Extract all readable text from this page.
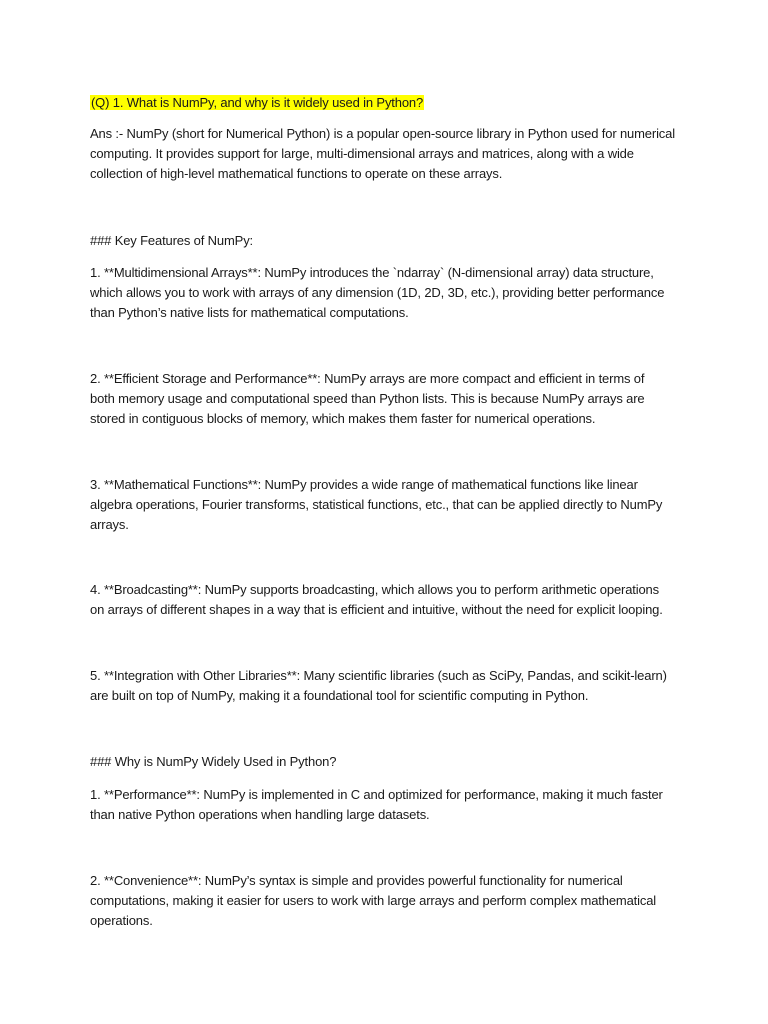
(Q) 1. What is NumPy, and why is it widely used in Python?

Ans :- NumPy (short for Numerical Python) is a popular open-source library in Python used for numerical

computing. It provides support for large, multi-dimensional arrays and matrices, along with a wide

collection of high-level mathematical functions to operate on these arrays.

### Key Features of NumPy:

1. **Multidimensional Arrays**: NumPy introduces the `ndarray` (N-dimensional array) data structure,

which allows you to work with arrays of any dimension (1D, 2D, 3D, etc.), providing better performance

than Python’s native lists for mathematical computations.

2. **Efficient Storage and Performance**: NumPy arrays are more compact and efficient in terms of

both memory usage and computational speed than Python lists. This is because NumPy arrays are

stored in contiguous blocks of memory, which makes them faster for numerical operations.

3. **Mathematical Functions**: NumPy provides a wide range of mathematical functions like linear

algebra operations, Fourier transforms, statistical functions, etc., that can be applied directly to NumPy

arrays.

4. **Broadcasting**: NumPy supports broadcasting, which allows you to perform arithmetic operations

on arrays of different shapes in a way that is efficient and intuitive, without the need for explicit looping.

5. **Integration with Other Libraries**: Many scientific libraries (such as SciPy, Pandas, and scikit-learn)

are built on top of NumPy, making it a foundational tool for scientific computing in Python.

### Why is NumPy Widely Used in Python?

1. **Performance**: NumPy is implemented in C and optimized for performance, making it much faster

than native Python operations when handling large datasets.

2. **Convenience**: NumPy’s syntax is simple and provides powerful functionality for numerical

computations, making it easier for users to work with large arrays and perform complex mathematical

operations.
